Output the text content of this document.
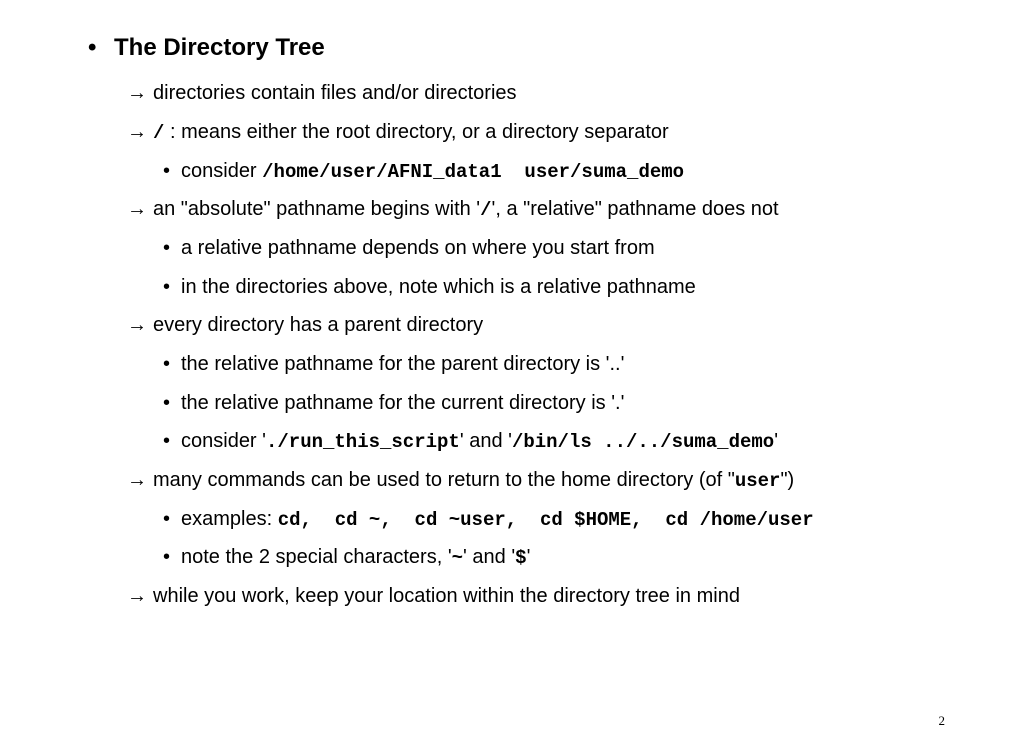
• The Directory Tree
→ directories contain files and/or directories
→ / : means either the root directory, or a directory separator
• consider /home/user/AFNI_data1 user/suma_demo
→ an "absolute" pathname begins with '/', a "relative" pathname does not
• a relative pathname depends on where you start from
• in the directories above, note which is a relative pathname
→ every directory has a parent directory
• the relative pathname for the parent directory is '..'
• the relative pathname for the current directory is '.'
• consider './run_this_script' and '/bin/ls ../../suma_demo'
→ many commands can be used to return to the home directory (of "user")
• examples: cd,  cd ~,  cd ~user,  cd $HOME,  cd /home/user
• note the 2 special characters, '~' and '$'
→ while you work, keep your location within the directory tree in mind
2
